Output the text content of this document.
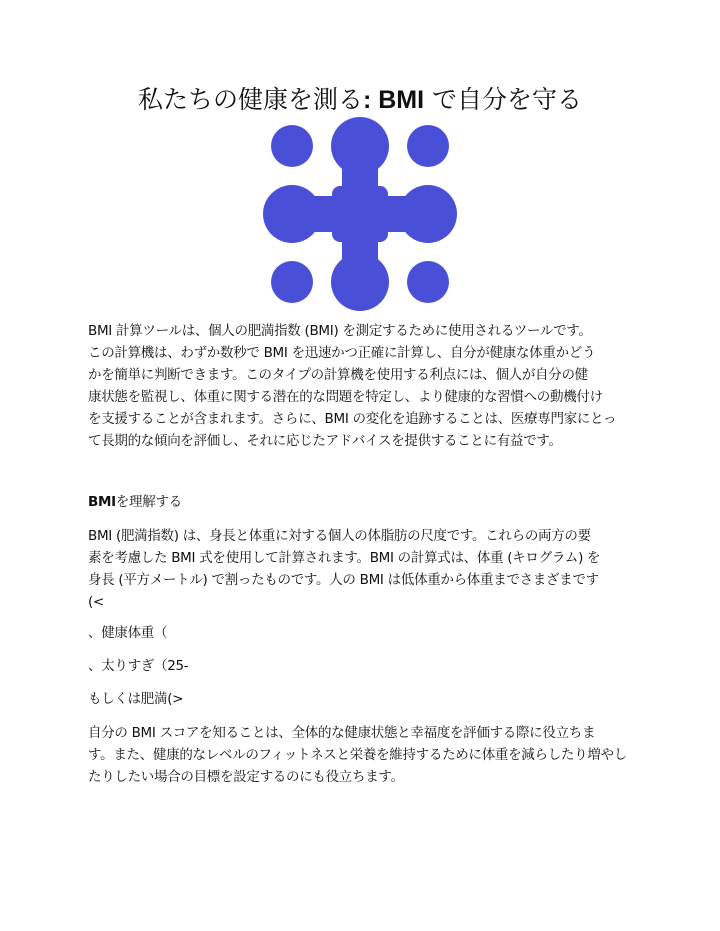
私たちの健康を測る: BMI で自分を守る

BMI 計算ツールは、個人の肥満指数 (BMI) を測定するために使用されるツールです。
この計算機は、わずか数秒で BMI を迅速かつ正確に計算し、自分が健康な体重かどう
かを簡単に判断できます。このタイプの計算機を使用する利点には、個人が自分の健
康状態を監視し、体重に関する潜在的な問題を特定し、より健康的な習慣への動機付け
を支援することが含まれます。さらに、BMI の変化を追跡することは、医療専門家にとっ
て長期的な傾向を評価し、それに応じたアドバイスを提供することに有益です。

BMIを理解する

BMI (肥満指数) は、身長と体重に対する個人の体脂肪の尺度です。これらの両方の要
素を考慮した BMI 式を使用して計算されます。BMI の計算式は、体重 (キログラム) を
身長 (平方メートル) で割ったものです。人の BMI は低体重から体重までさまざまです
(<

、健康体重（

、太りすぎ（25-

もしくは肥満(>

自分の BMI スコアを知ることは、全体的な健康状態と幸福度を評価する際に役立ちま
す。また、健康的なレベルのフィットネスと栄養を維持するために体重を減らしたり増やし
たりしたい場合の目標を設定するのにも役立ちます。
